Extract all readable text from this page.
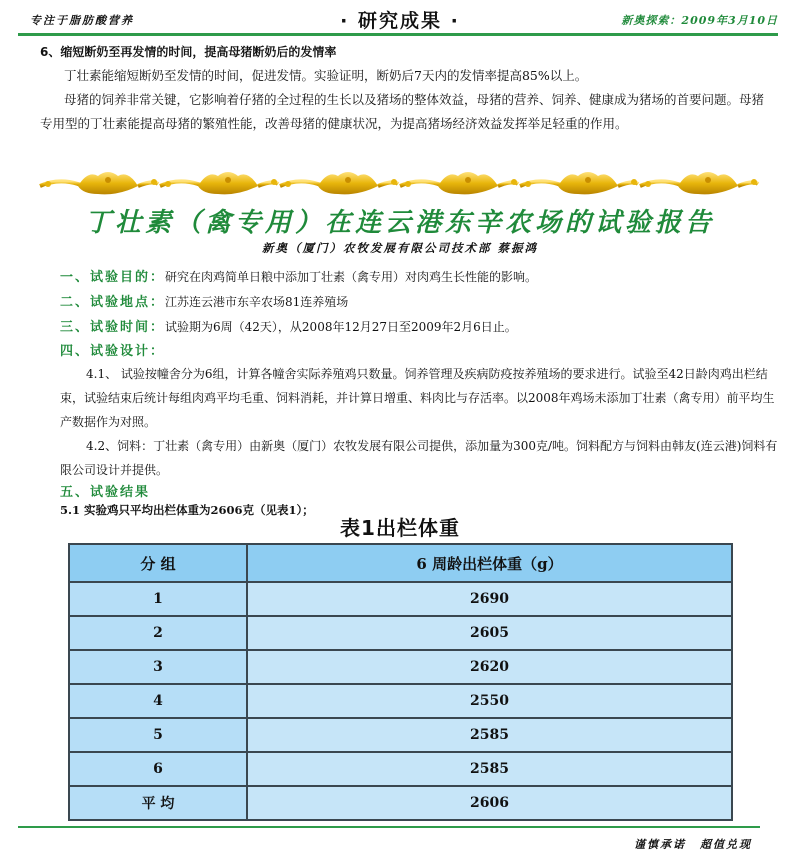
专注于脂肪酸营养	· 研究成果 ·	新奥探索：2009年3月10日
6、缩短断奶至再发情的时间，提高母猪断奶后的发情率
丁壮素能缩短断奶至发情的时间，促进发情。实验证明，断奶后7天内的发情率提高85%以上。
母猪的饲养非常关键，它影响着仔猪的全过程的生长以及猪场的整体效益，母猪的营养、饲养、健康成为猪场的首要问题。母猪专用型的丁壮素能提高母猪的繁殖性能，改善母猪的健康状况，为提高猪场经济效益发挥举足轻重的作用。
丁壮素（禽专用）在连云港东辛农场的试验报告
新奥（厦门）农牧发展有限公司技术部 蔡振鸿
一、试验目的：研究在肉鸡简单日粮中添加丁壮素（禽专用）对肉鸡生长性能的影响。
二、试验地点：江苏连云港市东辛农场81连养殖场
三、试验时间：试验期为6周（42天），从2008年12月27日至2009年2月6日止。
四、试验设计：
4.1、 试验按幢舍分为6组，计算各幢舍实际养殖鸡只数量。饲养管理及疾病防疫按养殖场的要求进行。试验至42日龄肉鸡出栏结束，试验结束后统计每组肉鸡平均毛重、饲料消耗，并计算日增重、料肉比与存活率。以2008年鸡场未添加丁壮素（禽专用）前平均生产数据作为对照。
4.2、饲料：丁壮素（禽专用）由新奥（厦门）农牧发展有限公司提供，添加量为300克/吨。饲料配方与饲料由韩友(连云港)饲料有限公司设计并提供。
五、试验结果
5.1 实验鸡只平均出栏体重为2606克（见表1）；
表1出栏体重
分 组	6 周龄出栏体重（g）
1	2690
2	2605
3	2620
4	2550
5	2585
6	2585
平 均	2606
谨慎承诺 超值兑现
